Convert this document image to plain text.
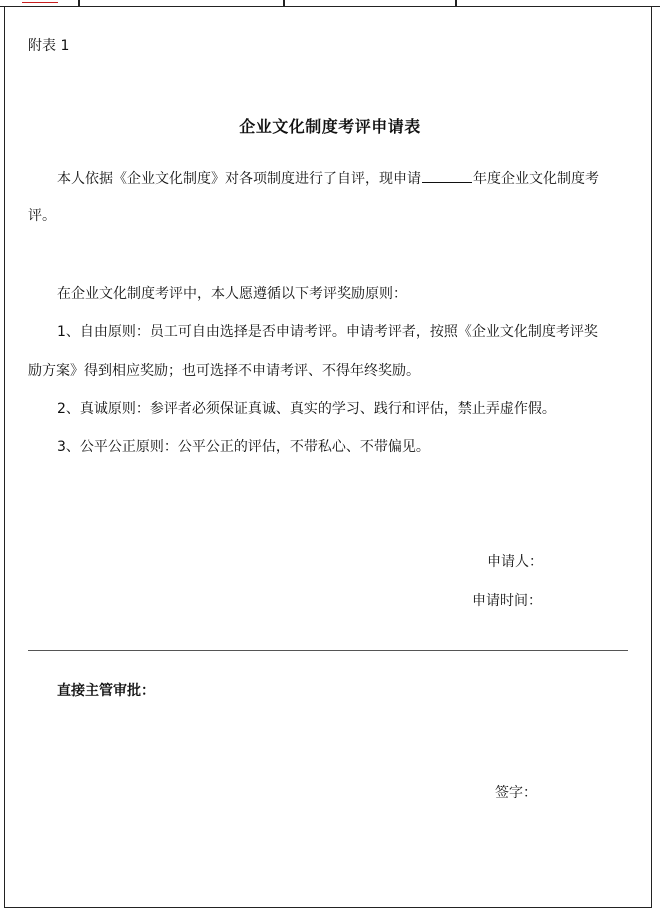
附表 1
企业文化制度考评申请表
本人依据《企业文化制度》对各项制度进行了自评，现申请	年度企业文化制度考
评。
在企业文化制度考评中，本人愿遵循以下考评奖励原则：
1、自由原则：员工可自由选择是否申请考评。申请考评者，按照《企业文化制度考评奖
励方案》得到相应奖励；也可选择不申请考评、不得年终奖励。
2、真诚原则：参评者必须保证真诚、真实的学习、践行和评估，禁止弄虚作假。
3、公平公正原则：公平公正的评估，不带私心、不带偏见。
申请人：
申请时间：
直接主管审批：
签字：
